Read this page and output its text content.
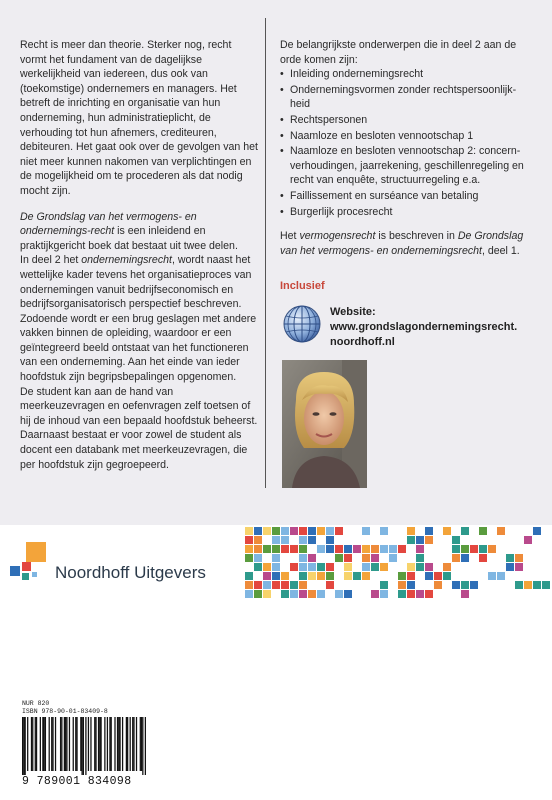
Recht is meer dan theorie. Sterker nog, recht vormt het fundament van de dagelijkse werkelijkheid van iedereen, dus ook van (toekomstige) ondernemers en managers. Het betreft de inrichting en organisatie van hun onderneming, hun administratieplicht, de verhouding tot hun afnemers, crediteuren, debiteuren. Het gaat ook over de gevolgen van het niet meer kunnen nakomen van verplichtingen en de mogelijkheid om te procederen als dat nodig mocht zijn.

De Grondslag van het vermogens- en ondernemings-recht is een inleidend en praktijkgericht boek dat bestaat uit twee delen.

In deel 2 het ondernemingsrecht, wordt naast het wettelijke kader tevens het organisatieproces van ondernemingen vanuit bedrijfseconomisch en bedrijfsorganisatorisch perspectief beschreven. Zodoende wordt er een brug geslagen met andere vakken binnen de opleiding, waardoor er een geïntegreerd beeld ontstaat van het functioneren van een onderneming. Aan het einde van ieder hoofdstuk zijn begripsbepalingen opgenomen.

De student kan aan de hand van meerkeuzevragen en oefenvragen zelf toetsen of hij de inhoud van een bepaald hoofdstuk beheerst. Daarnaast bestaat er voor zowel de student als docent een databank met meerkeuzevragen, die per hoofdstuk zijn gegroepeerd.

De belangrijkste onderwerpen die in deel 2 aan de orde komen zijn:

• Inleiding ondernemingsrecht
• Ondernemingsvormen zonder rechtspersoonlijk-heid
• Rechtspersonen
• Naamloze en besloten vennootschap 1
• Naamloze en besloten vennootschap 2: concern-verhoudingen, jaarrekening, geschillenregeling en recht van enquête, structuurregeling e.a.
• Faillissement en surséance van betaling
• Burgerlijk procesrecht

Het vermogensrecht is beschreven in De Grondslag van het vermogens- en ondernemingsrecht, deel 1.

Inclusief
Website:
www.grondslagondernemingsrecht.
noordhoff.nl
Noordhoff Uitgevers
NUR 820
ISBN 978-90-01-83409-8
9 789001 834098
